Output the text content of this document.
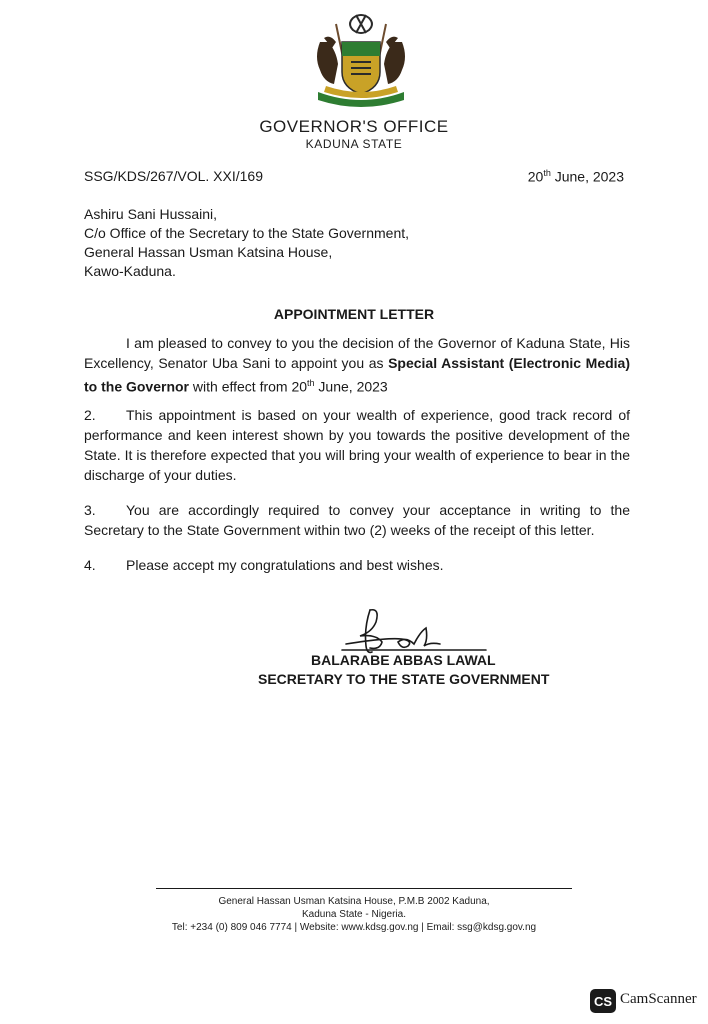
GOVERNOR'S OFFICE
KADUNA STATE
SSG/KDS/267/VOL. XXI/169	20th June, 2023
Ashiru Sani Hussaini,
C/o Office of the Secretary to the State Government,
General Hassan Usman Katsina House,
Kawo-Kaduna.
APPOINTMENT LETTER
I am pleased to convey to you the decision of the Governor of Kaduna State, His Excellency, Senator Uba Sani to appoint you as Special Assistant (Electronic Media) to the Governor with effect from 20th June, 2023
2. This appointment is based on your wealth of experience, good track record of performance and keen interest shown by you towards the positive development of the State. It is therefore expected that you will bring your wealth of experience to bear in the discharge of your duties.
3. You are accordingly required to convey your acceptance in writing to the Secretary to the State Government within two (2) weeks of the receipt of this letter.
4. Please accept my congratulations and best wishes.
BALARABE ABBAS LAWAL
SECRETARY TO THE STATE GOVERNMENT
General Hassan Usman Katsina House, P.M.B 2002 Kaduna,
Kaduna State - Nigeria.
Tel: +234 (0) 809 046 7774 | Website: www.kdsg.gov.ng | Email: ssg@kdsg.gov.ng
CS CamScanner
